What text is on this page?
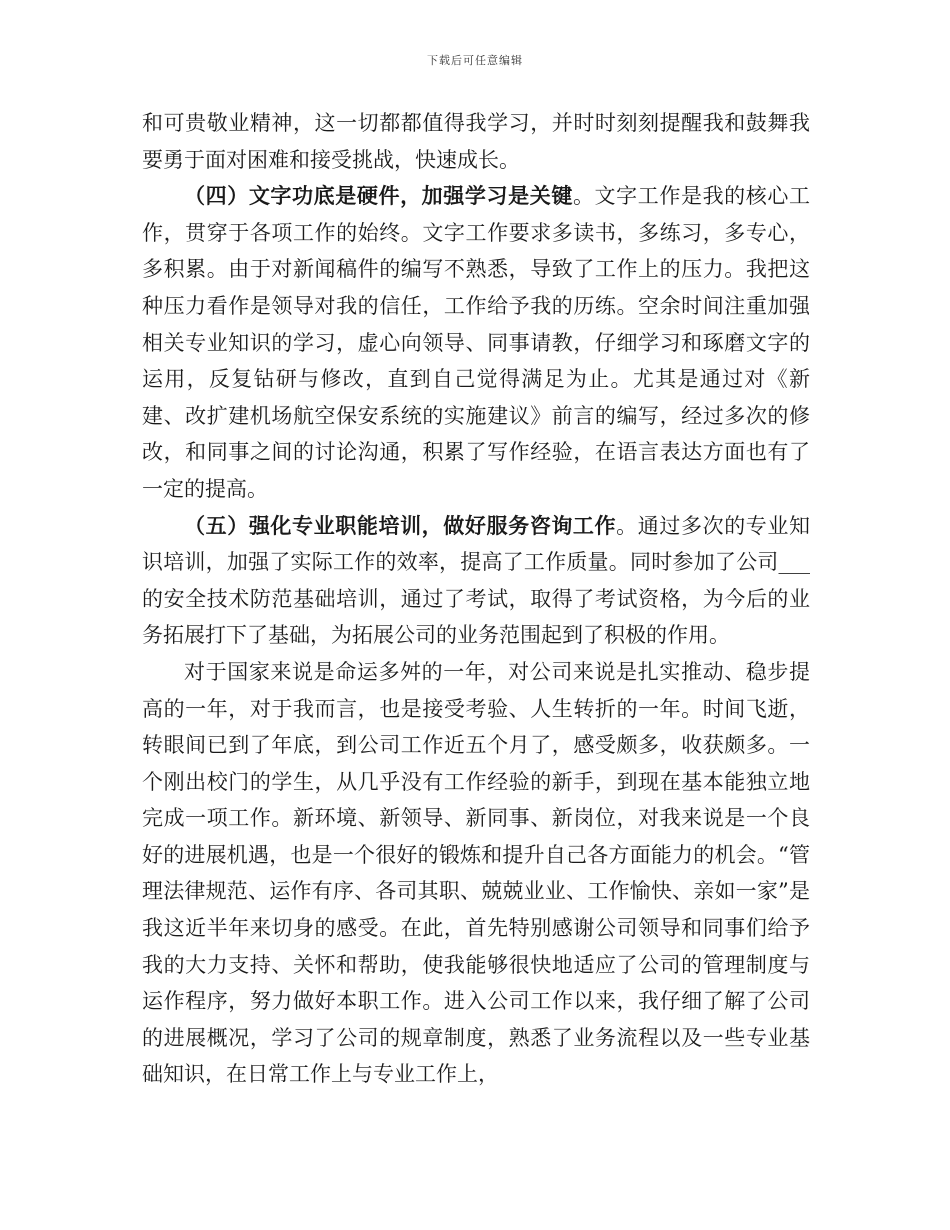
下载后可任意编辑

和可贵敬业精神，这一切都都值得我学习，并时时刻刻提醒我和鼓舞我要勇于面对困难和接受挑战，快速成长。

（四）文字功底是硬件，加强学习是关键。文字工作是我的核心工作，贯穿于各项工作的始终。文字工作要求多读书，多练习，多专心，多积累。由于对新闻稿件的编写不熟悉，导致了工作上的压力。我把这种压力看作是领导对我的信任，工作给予我的历练。空余时间注重加强相关专业知识的学习，虚心向领导、同事请教，仔细学习和琢磨文字的运用，反复钻研与修改，直到自己觉得满足为止。尤其是通过对《新建、改扩建机场航空保安系统的实施建议》前言的编写，经过多次的修改，和同事之间的讨论沟通，积累了写作经验，在语言表达方面也有了一定的提高。

（五）强化专业职能培训，做好服务咨询工作。通过多次的专业知识培训，加强了实际工作的效率，提高了工作质量。同时参加了公司___的安全技术防范基础培训，通过了考试，取得了考试资格，为今后的业务拓展打下了基础，为拓展公司的业务范围起到了积极的作用。

对于国家来说是命运多舛的一年，对公司来说是扎实推动、稳步提高的一年，对于我而言，也是接受考验、人生转折的一年。时间飞逝，转眼间已到了年底，到公司工作近五个月了，感受颇多，收获颇多。一个刚出校门的学生，从几乎没有工作经验的新手，到现在基本能独立地完成一项工作。新环境、新领导、新同事、新岗位，对我来说是一个良好的进展机遇，也是一个很好的锻炼和提升自己各方面能力的机会。“管理法律规范、运作有序、各司其职、兢兢业业、工作愉快、亲如一家”是我这近半年来切身的感受。在此，首先特别感谢公司领导和同事们给予我的大力支持、关怀和帮助，使我能够很快地适应了公司的管理制度与运作程序，努力做好本职工作。进入公司工作以来，我仔细了解了公司的进展概况，学习了公司的规章制度，熟悉了业务流程以及一些专业基础知识，在日常工作上与专业工作上，
